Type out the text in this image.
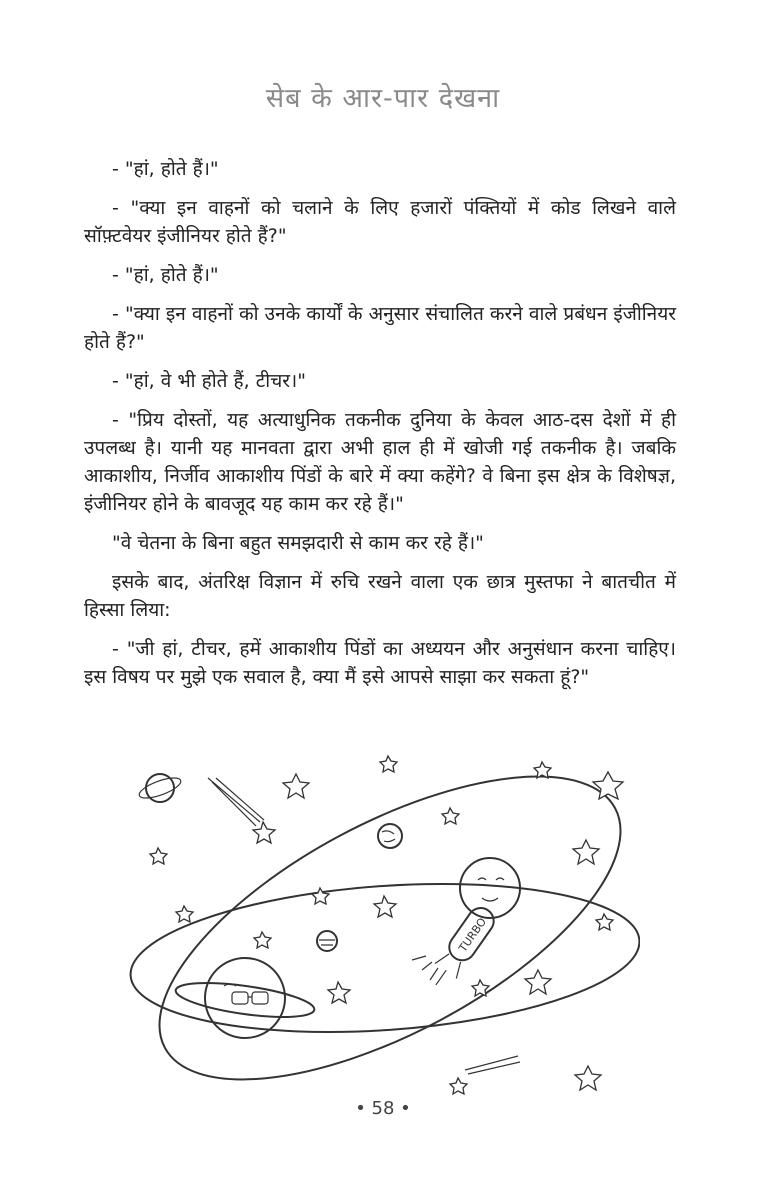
सेब के आर-पार देखना

- "हां, होते हैं।"

- "क्या इन वाहनों को चलाने के लिए हजारों पंक्तियों में कोड लिखने वाले सॉफ़्टवेयर इंजीनियर होते हैं?"

- "हां, होते हैं।"

- "क्या इन वाहनों को उनके कार्यों के अनुसार संचालित करने वाले प्रबंधन इंजीनियर होते हैं?"

- "हां, वे भी होते हैं, टीचर।"

- "प्रिय दोस्तों, यह अत्याधुनिक तकनीक दुनिया के केवल आठ-दस देशों में ही उपलब्ध है। यानी यह मानवता द्वारा अभी हाल ही में खोजी गई तकनीक है। जबकि आकाशीय, निर्जीव आकाशीय पिंडों के बारे में क्या कहेंगे? वे बिना इस क्षेत्र के विशेषज्ञ, इंजीनियर होने के बावजूद यह काम कर रहे हैं।"

"वे चेतना के बिना बहुत समझदारी से काम कर रहे हैं।"

इसके बाद, अंतरिक्ष विज्ञान में रुचि रखने वाला एक छात्र मुस्तफा ने बातचीत में हिस्सा लिया:

- "जी हां, टीचर, हमें आकाशीय पिंडों का अध्ययन और अनुसंधान करना चाहिए। इस विषय पर मुझे एक सवाल है, क्या मैं इसे आपसे साझा कर सकता हूं?"

TURBO
• 58 •
